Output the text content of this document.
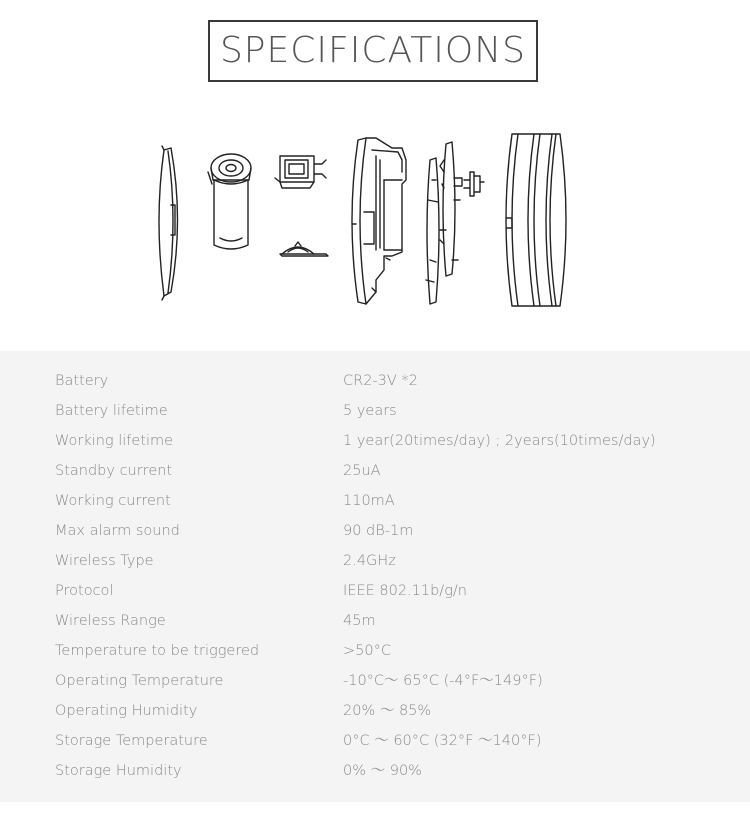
SPECIFICATIONS
Battery	CR2-3V *2
Battery lifetime	5 years
Working lifetime	1 year(20times/day) ; 2years(10times/day)
Standby current	25uA
Working current	110mA
Max alarm sound	90 dB-1m
Wireless Type	2.4GHz
Protocol	IEEE 802.11b/g/n
Wireless Range	45m
Temperature to be triggered	>50°C
Operating Temperature	-10°C～ 65°C (-4°F～149°F)
Operating Humidity	20% ～ 85%
Storage Temperature	0°C ～ 60°C (32°F ～140°F)
Storage Humidity	0% ～ 90%
